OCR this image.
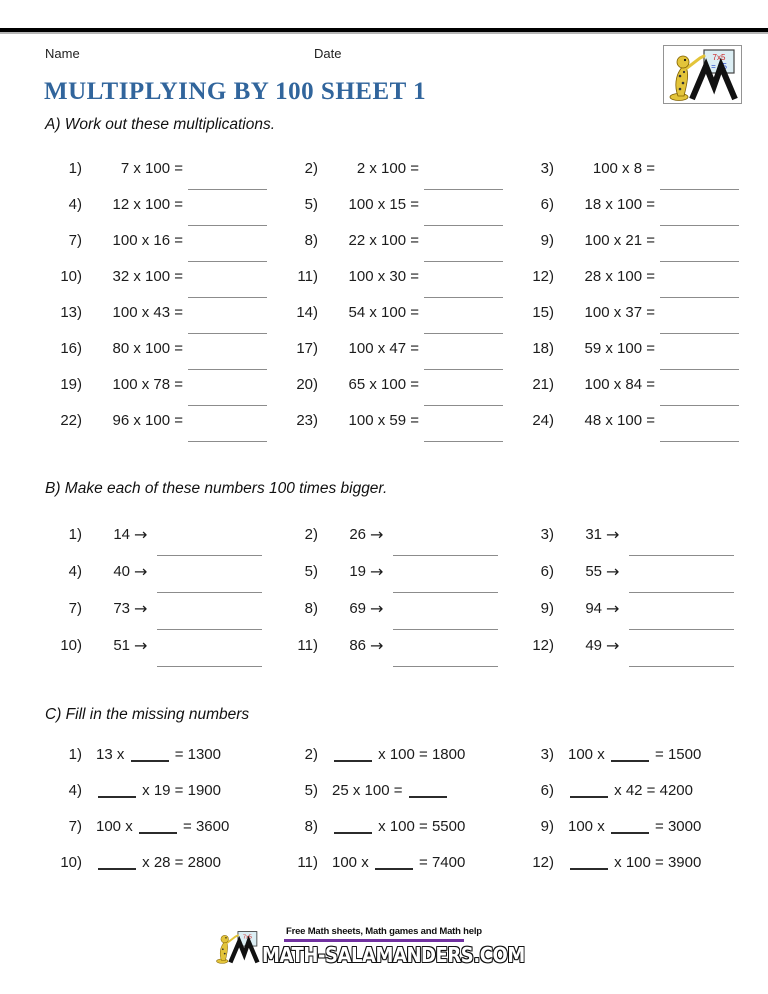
Name	Date	7x5
= 35
MULTIPLYING BY 100 SHEET 1

A) Work out these multiplications.

1)	7 x 100 =	2)	2 x 100 =	3)	100 x 8 =
4)	12 x 100 =	5)	100 x 15 =	6)	18 x 100 =
7)	100 x 16 =	8)	22 x 100 =	9)	100 x 21 =
10)	32 x 100 =	11)	100 x 30 =	12)	28 x 100 =
13)	100 x 43 =	14)	54 x 100 =	15)	100 x 37 =
16)	80 x 100 =	17)	100 x 47 =	18)	59 x 100 =
19)	100 x 78 =	20)	65 x 100 =	21)	100 x 84 =
22)	96 x 100 =	23)	100 x 59 =	24)	48 x 100 =

B) Make each of these numbers 100 times bigger.

1)	14 →	2)	26 →	3)	31 →
4)	40 →	5)	19 →	6)	55 →
7)	73 →	8)	69 →	9)	94 →
10)	51 →	11)	86 →	12)	49 →

C) Fill in the missing numbers

1) 13 x	= 1300	2)	x 100 = 1800	3) 100 x	= 1500
4)	x 19 = 1900	5) 25 x 100 =	6)	x 42 = 4200
7) 100 x	= 3600	8)	x 100 = 5500	9) 100 x	= 3000
10)	x 28 = 2800	11) 100 x	= 7400	12)	x 100 = 3900
7x5
Free Math sheets, Math games and Math help
MATH-SALAMANDERS.COM
